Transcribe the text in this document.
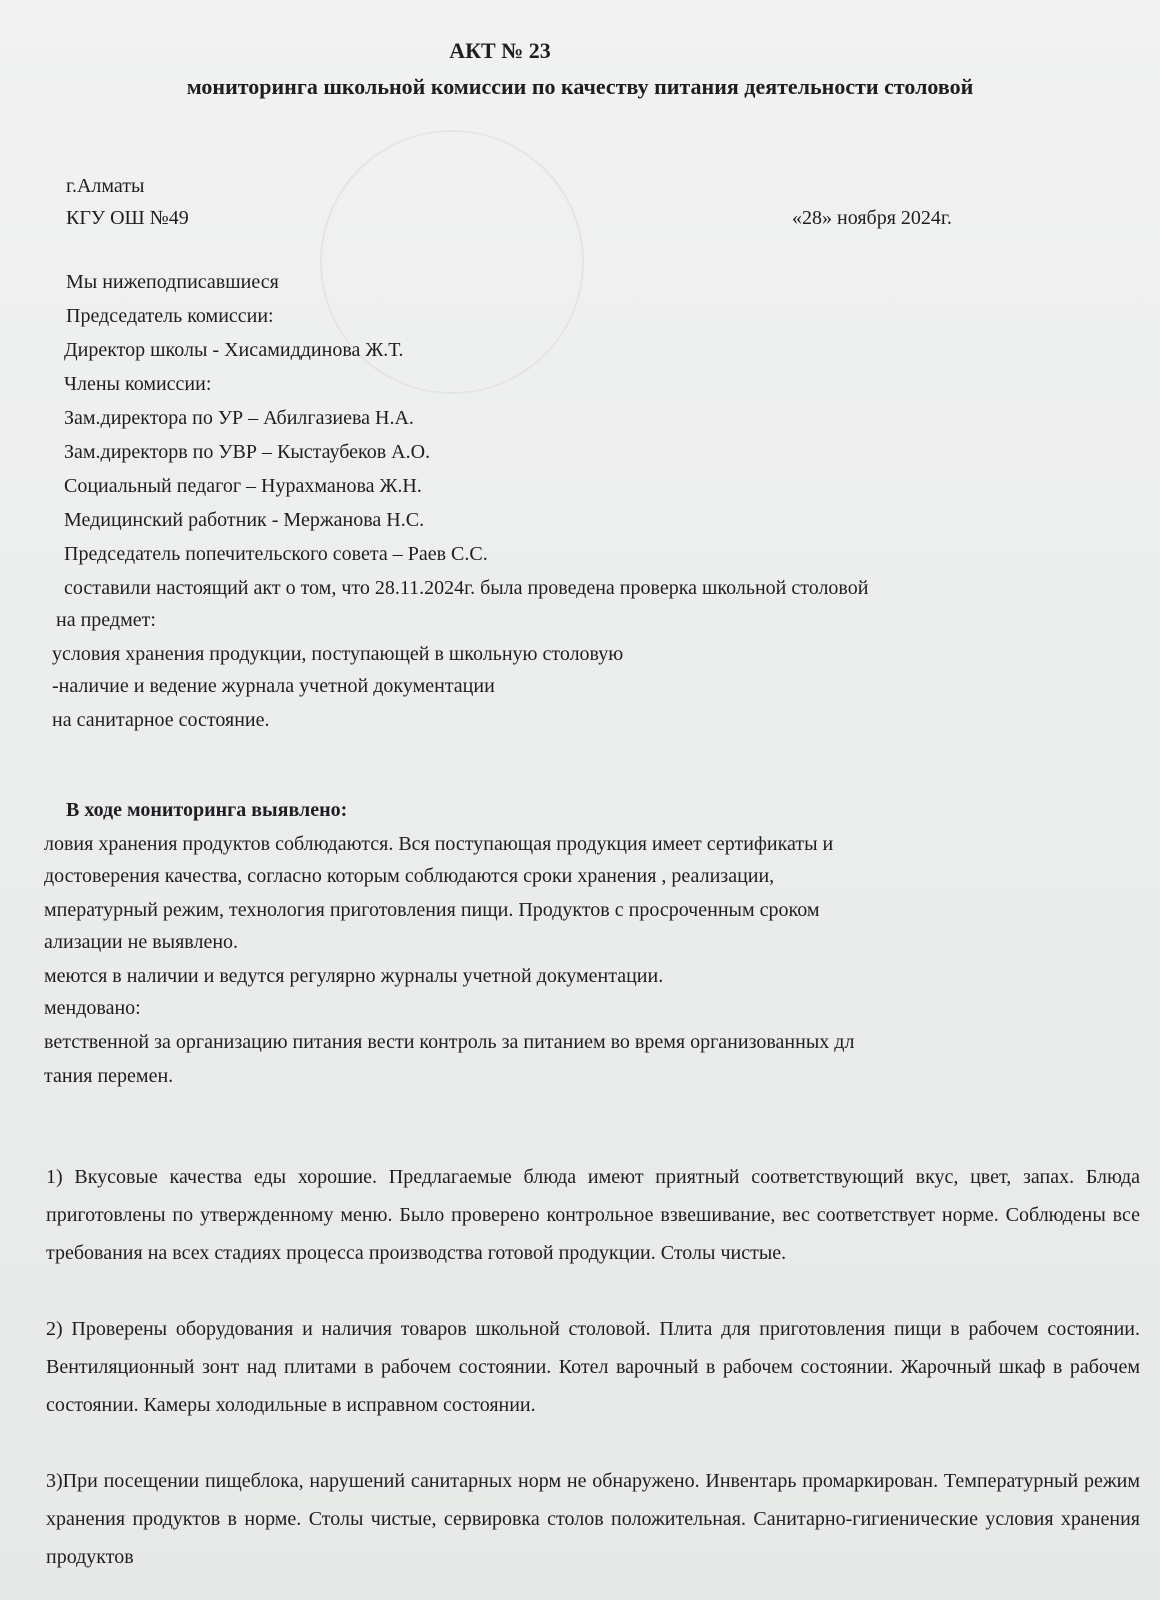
АКТ № 23
мониторинга школьной комиссии по качеству питания деятельности столовой

г.Алматы

КГУ ОШ №49	«28» ноября 2024г.

Мы нижеподписавшиеся

Председатель комиссии:

Директор школы - Хисамиддинова Ж.Т.

Члены комиссии:

Зам.директора по УР – Абилгазиева Н.А.

Зам.директорв по УВР – Кыстаубеков А.О.

Социальный педагог – Нурахманова Ж.Н.

Медицинский работник - Мержанова Н.С.

Председатель попечительского совета – Раев С.С.

составили настоящий акт о том, что 28.11.2024г. была проведена проверка школьной столовой

на предмет:

условия хранения продукции, поступающей в школьную столовую

-наличие и ведение журнала учетной документации

на санитарное состояние.

В ходе мониторинга выявлено:

ловия хранения продуктов соблюдаются. Вся поступающая продукция имеет сертификаты и

достоверения качества, согласно которым соблюдаются сроки хранения , реализации,

мпературный режим, технология приготовления пищи. Продуктов с просроченным сроком

ализации не выявлено.

меются в наличии и ведутся регулярно журналы учетной документации.

мендовано:

ветственной за организацию питания вести контроль за питанием во время организованных дл

тания перемен.

1) Вкусовые качества еды хорошие. Предлагаемые блюда имеют приятный соответствующий вкус, цвет, запах. Блюда приготовлены по утвержденному меню. Было проверено контрольное взвешивание, вес соответствует норме. Соблюдены все требования на всех стадиях процесса производства готовой продукции. Столы чистые.

2) Проверены оборудования и наличия товаров школьной столовой. Плита для приготовления пищи в рабочем состоянии. Вентиляционный зонт над плитами в рабочем состоянии. Котел варочный в рабочем состоянии. Жарочный шкаф в рабочем состоянии. Камеры холодильные в исправном состоянии.

3)При посещении пищеблока, нарушений санитарных норм не обнаружено. Инвентарь промаркирован. Температурный режим хранения продуктов в норме. Столы чистые, сервировка столов положительная. Санитарно-гигиенические условия хранения продуктов
